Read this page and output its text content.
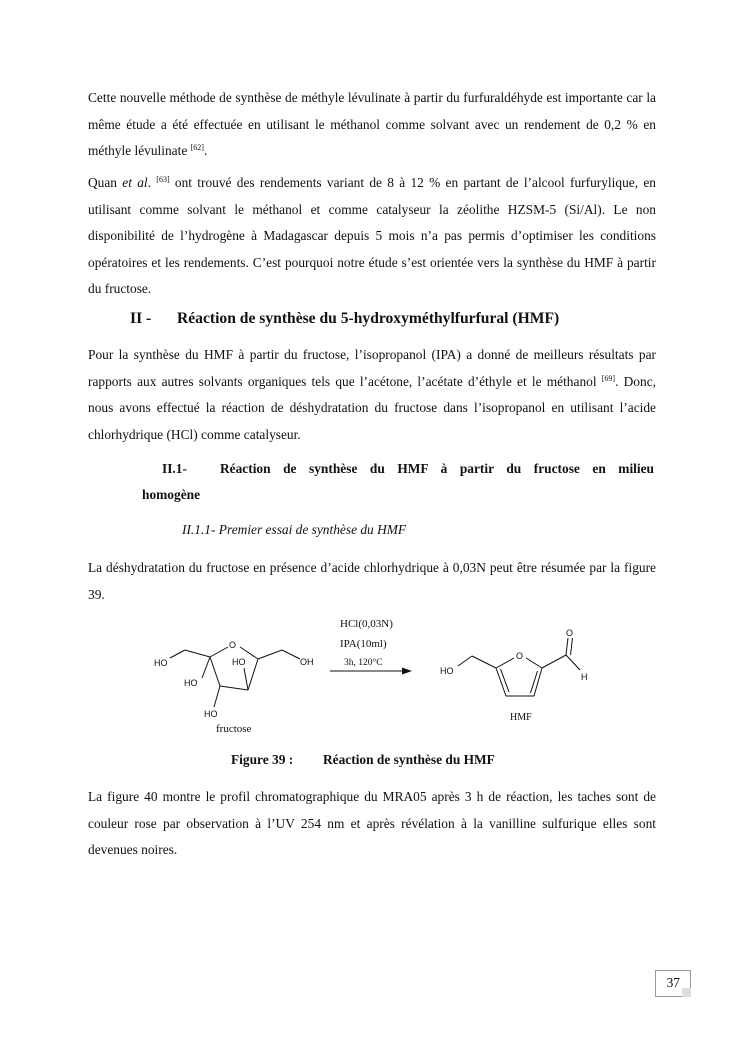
Cette nouvelle méthode de synthèse de méthyle lévulinate à partir du furfuraldéhyde est importante car la même étude a été effectuée en utilisant le méthanol comme solvant avec un rendement de 0,2 % en méthyle lévulinate [62].

Quan et al. [63] ont trouvé des rendements variant de 8 à 12 % en partant de l’alcool furfurylique, en utilisant comme solvant le méthanol et comme catalyseur la zéolithe HZSM-5 (Si/Al). Le non disponibilité de l’hydrogène à Madagascar depuis 5 mois n’a pas permis d’optimiser les conditions opératoires et les rendements. C’est pourquoi notre étude s’est orientée vers la synthèse du HMF à partir du fructose.

II - Réaction de synthèse du 5-hydroxyméthylfurfural (HMF)

Pour la synthèse du HMF à partir du fructose, l’isopropanol (IPA) a donné de meilleurs résultats par rapports aux autres solvants organiques tels que l’acétone, l’acétate d’éthyle et le méthanol [69]. Donc, nous avons effectué la réaction de déshydratation du fructose dans l’isopropanol en utilisant l’acide chlorhydrique (HCl) comme catalyseur.

II.1- Réaction de synthèse du HMF à partir du fructose en milieu
homogène
II.1.1- Premier essai de synthèse du HMF

La déshydratation du fructose en présence d’acide chlorhydrique à 0,03N peut être résumée par la figure 39.

O
HO
HO
HO
HO
OH
fructose
HCl(0,03N)
IPA(10ml)
3h, 120°C
O
HO
O
H
HMF
Figure 39 : Réaction de synthèse du HMF

La figure 40 montre le profil chromatographique du MRA05 après 3 h de réaction, les taches sont de couleur rose par observation à l’UV 254 nm et après révélation à la vanilline sulfurique elles sont devenues noires.

37
